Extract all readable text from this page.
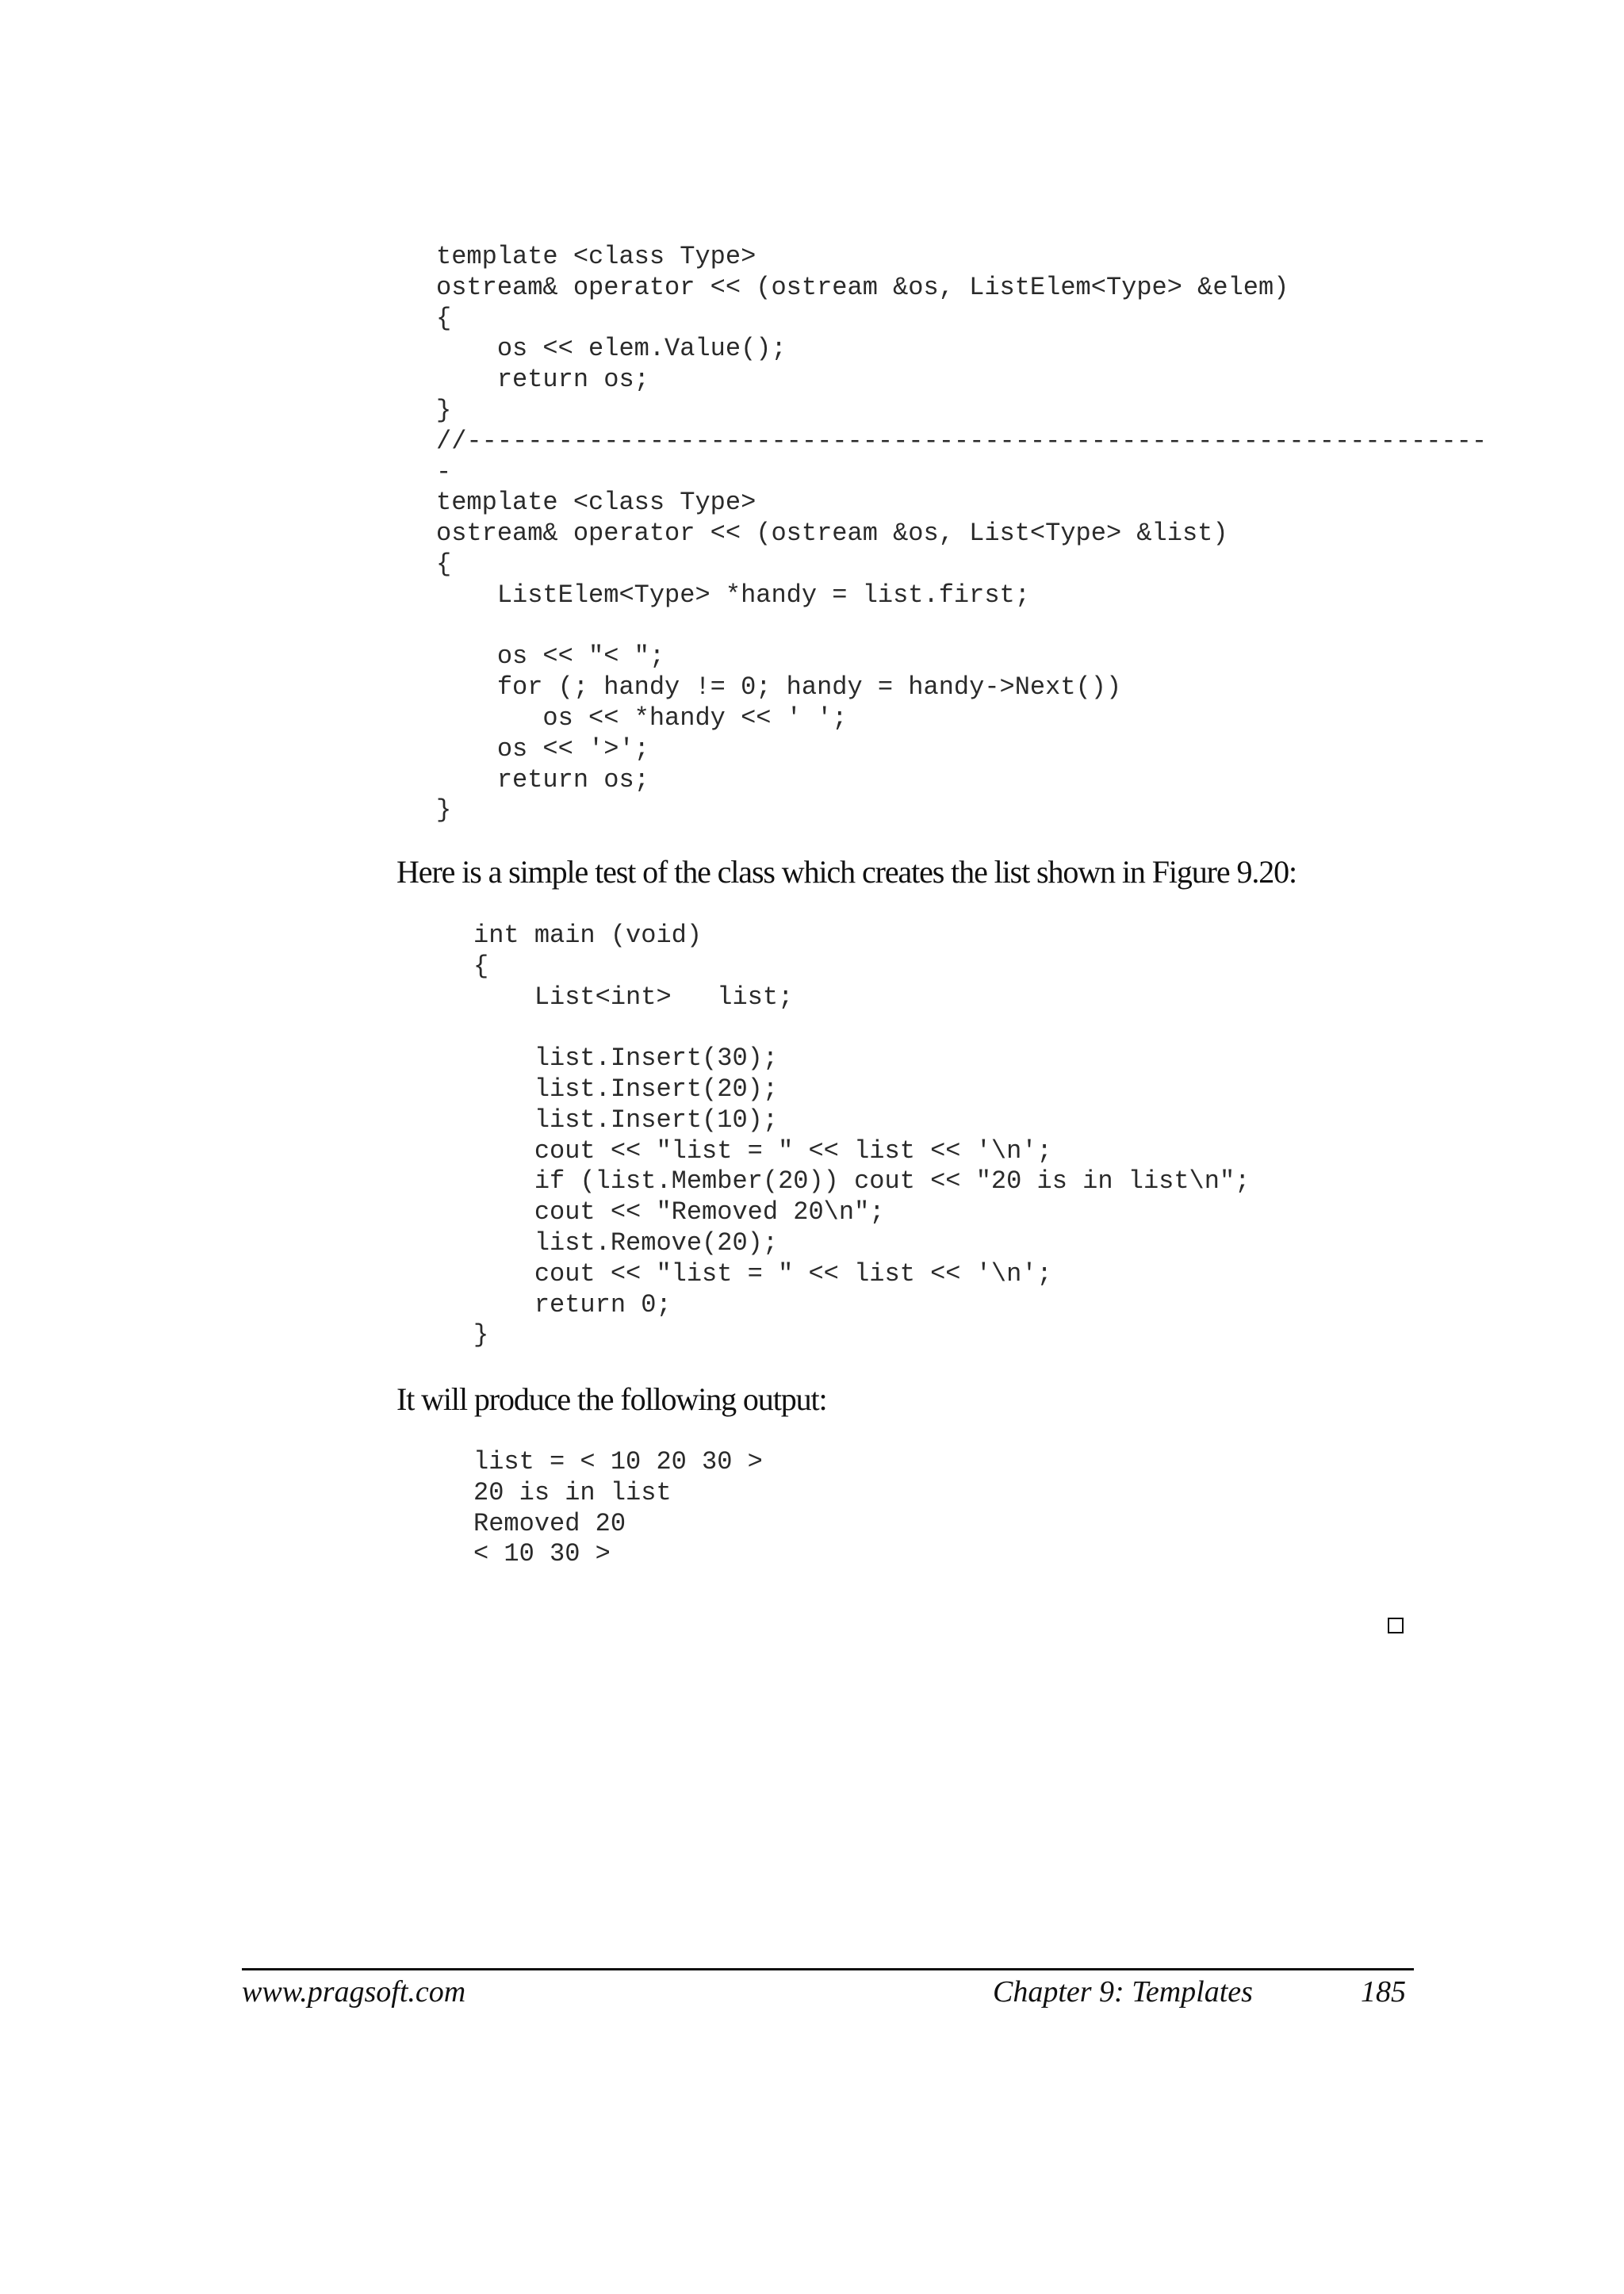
template <class Type>
ostream& operator << (ostream &os, ListElem<Type> &elem)
{
os << elem.Value();
return os;
}
//-------------------------------------------------------------------
-
template <class Type>
ostream& operator << (ostream &os, List<Type> &list)
{
ListElem<Type> *handy = list.first;
os << "< ";
for (; handy != 0; handy = handy->Next())
os << *handy << ' ';
os << '>';
return os;
}

Here is a simple test of the class which creates the list shown in Figure 9.20:

int main (void)
{
List<int>   list;
list.Insert(30);
list.Insert(20);
list.Insert(10);
cout << "list = " << list << '\n';
if (list.Member(20)) cout << "20 is in list\n";
cout << "Removed 20\n";
list.Remove(20);
cout << "list = " << list << '\n';
return 0;
}

It will produce the following output:

list = < 10 20 30 >
20 is in list
Removed 20
< 10 30 >

www.pragsoft.com	Chapter 9: Templates	185
